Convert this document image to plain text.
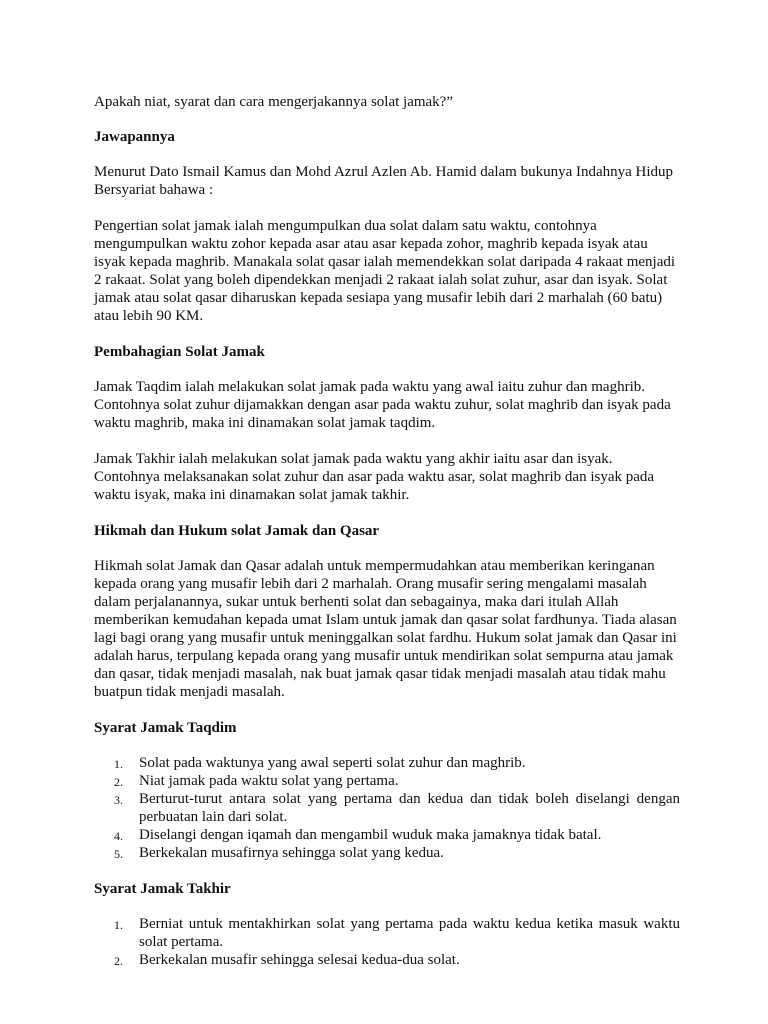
Apakah niat, syarat dan cara mengerjakannya solat jamak?”

Jawapannya

Menurut Dato Ismail Kamus dan Mohd Azrul Azlen Ab. Hamid dalam bukunya Indahnya Hidup Bersyariat bahawa :

Pengertian solat jamak ialah mengumpulkan dua solat dalam satu waktu, contohnya mengumpulkan waktu zohor kepada asar atau asar kepada zohor, maghrib kepada isyak atau isyak kepada maghrib. Manakala solat qasar ialah memendekkan solat daripada 4 rakaat menjadi 2 rakaat. Solat yang boleh dipendekkan menjadi 2 rakaat ialah solat zuhur, asar dan isyak. Solat jamak atau solat qasar diharuskan kepada sesiapa yang musafir lebih dari 2 marhalah (60 batu) atau lebih 90 KM.

Pembahagian Solat Jamak

Jamak Taqdim ialah melakukan solat jamak pada waktu yang awal iaitu zuhur dan maghrib. Contohnya solat zuhur dijamakkan dengan asar pada waktu zuhur, solat maghrib dan isyak pada waktu maghrib, maka ini dinamakan solat jamak taqdim.

Jamak Takhir ialah melakukan solat jamak pada waktu yang akhir iaitu asar dan isyak. Contohnya melaksanakan solat zuhur dan asar pada waktu asar, solat maghrib dan isyak pada waktu isyak, maka ini dinamakan solat jamak takhir.

Hikmah dan Hukum solat Jamak dan Qasar

Hikmah solat Jamak dan Qasar adalah untuk mempermudahkan atau memberikan keringanan kepada orang yang musafir lebih dari 2 marhalah. Orang musafir sering mengalami masalah dalam perjalanannya, sukar untuk berhenti solat dan sebagainya, maka dari itulah Allah memberikan kemudahan kepada umat Islam untuk jamak dan qasar solat fardhunya. Tiada alasan lagi bagi orang yang musafir untuk meninggalkan solat fardhu. Hukum solat jamak dan Qasar ini adalah harus, terpulang kepada orang yang musafir untuk mendirikan solat sempurna atau jamak dan qasar, tidak menjadi masalah, nak buat jamak qasar tidak menjadi masalah atau tidak mahu buatpun tidak menjadi masalah.

Syarat Jamak Taqdim

1. Solat pada waktunya yang awal seperti solat zuhur dan maghrib.
2. Niat jamak pada waktu solat yang pertama.
3. Berturut-turut antara solat yang pertama dan kedua dan tidak boleh diselangi dengan perbuatan lain dari solat.
4. Diselangi dengan iqamah dan mengambil wuduk maka jamaknya tidak batal.
5. Berkekalan musafirnya sehingga solat yang kedua.

Syarat Jamak Takhir

1. Berniat untuk mentakhirkan solat yang pertama pada waktu kedua ketika masuk waktu solat pertama.
2. Berkekalan musafir sehingga selesai kedua-dua solat.
